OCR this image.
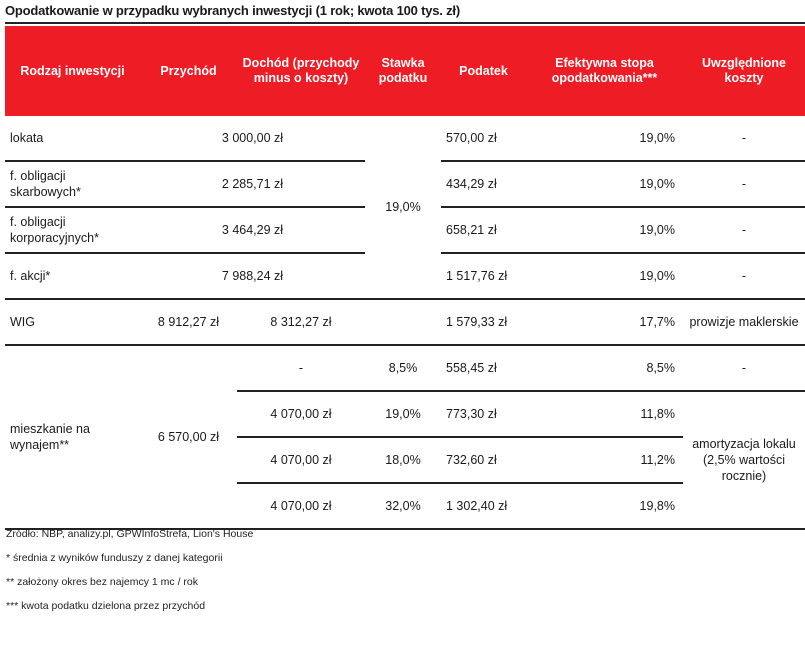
Opodatkowanie w przypadku wybranych inwestycji (1 rok; kwota 100 tys. zł)
Rodzaj inwestycji	Przychód	Dochód (przychody minus o koszty)	Stawka podatku	Podatek	Efektywna stopa opodatkowania***	Uwzględnione koszty
lokata	3 000,00 zł		19,0%	570,00 zł	19,0%	-
f. obligacji skarbowych*	2 285,71 zł			434,29 zł	19,0%	-
f. obligacji korporacyjnych*	3 464,29 zł			658,21 zł	19,0%	-
f. akcji*	7 988,24 zł			1 517,76 zł	19,0%	-
WIG	8 912,27 zł	8 312,27 zł		1 579,33 zł	17,7%	prowizje maklerskie
mieszkanie na wynajem**	6 570,00 zł	-	8,5%	558,45 zł	8,5%	-
		4 070,00 zł	19,0%	773,30 zł	11,8%	amortyzacja lokalu (2,5% wartości rocznie)
		4 070,00 zł	18,0%	732,60 zł	11,2%	
		4 070,00 zł	32,0%	1 302,40 zł	19,8%	
Źródło: NBP, analizy.pl, GPWInfoStrefa, Lion's House
* średnia z wyników funduszy z danej kategorii
** założony okres bez najemcy 1 mc / rok
*** kwota podatku dzielona przez przychód
